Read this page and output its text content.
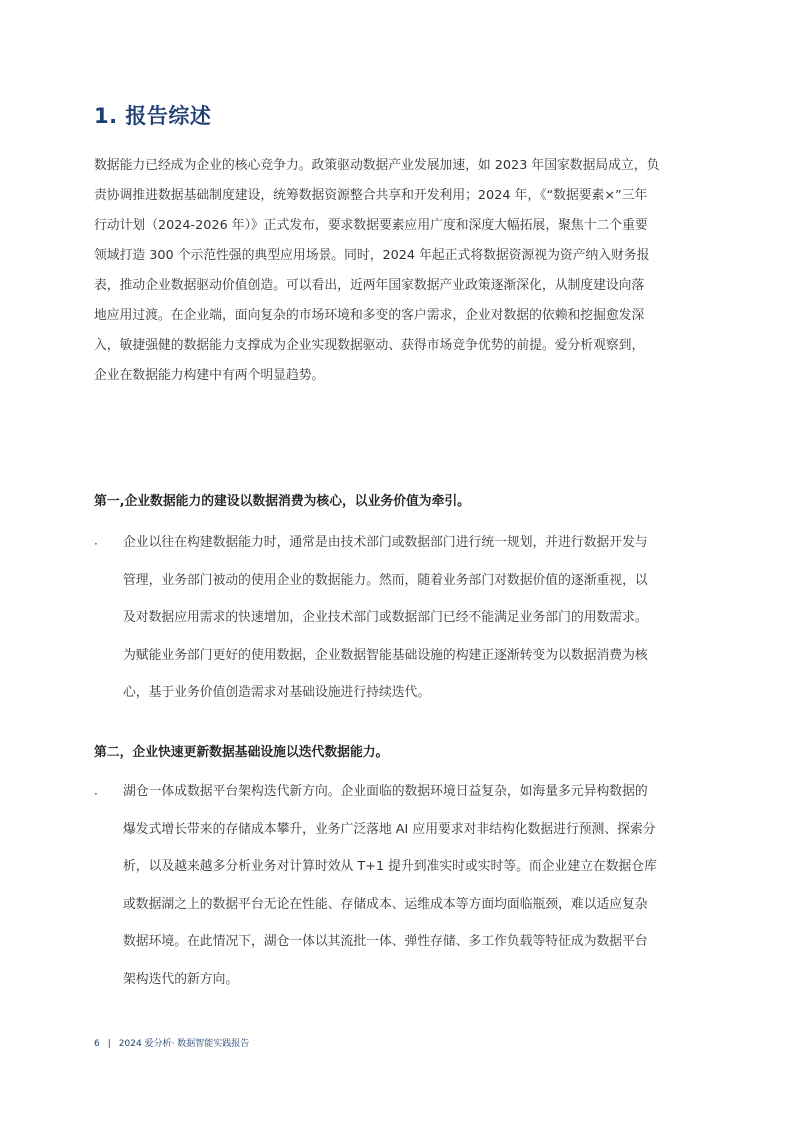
1. 报告综述
数据能力已经成为企业的核心竞争力。政策驱动数据产业发展加速，如 2023 年国家数据局成立，负
责协调推进数据基础制度建设，统筹数据资源整合共享和开发利用；2024 年，《“数据要素×”三年
行动计划（2024-2026 年）》正式发布，要求数据要素应用广度和深度大幅拓展，聚焦十二个重要
领域打造 300 个示范性强的典型应用场景。同时，2024 年起正式将数据资源视为资产纳入财务报
表，推动企业数据驱动价值创造。可以看出，近两年国家数据产业政策逐渐深化，从制度建设向落
地应用过渡。在企业端，面向复杂的市场环境和多变的客户需求，企业对数据的依赖和挖掘愈发深
入，敏捷强健的数据能力支撑成为企业实现数据驱动、获得市场竞争优势的前提。爱分析观察到，
企业在数据能力构建中有两个明显趋势。
第一,企业数据能力的建设以数据消费为核心，以业务价值为牵引。
· 企业以往在构建数据能力时，通常是由技术部门或数据部门进行统一规划，并进行数据开发与
管理，业务部门被动的使用企业的数据能力。然而，随着业务部门对数据价值的逐渐重视，以
及对数据应用需求的快速增加，企业技术部门或数据部门已经不能满足业务部门的用数需求。
为赋能业务部门更好的使用数据，企业数据智能基础设施的构建正逐渐转变为以数据消费为核
心，基于业务价值创造需求对基础设施进行持续迭代。
第二，企业快速更新数据基础设施以迭代数据能力。
· 湖仓一体成数据平台架构迭代新方向。企业面临的数据环境日益复杂，如海量多元异构数据的
爆发式增长带来的存储成本攀升，业务广泛落地 AI 应用要求对非结构化数据进行预测、探索分
析，以及越来越多分析业务对计算时效从 T+1 提升到准实时或实时等。而企业建立在数据仓库
或数据湖之上的数据平台无论在性能、存储成本、运维成本等方面均面临瓶颈，难以适应复杂
数据环境。在此情况下，湖仓一体以其流批一体、弹性存储、多工作负载等特征成为数据平台
架构迭代的新方向。
6 | 2024 爱分析· 数据智能实践报告
